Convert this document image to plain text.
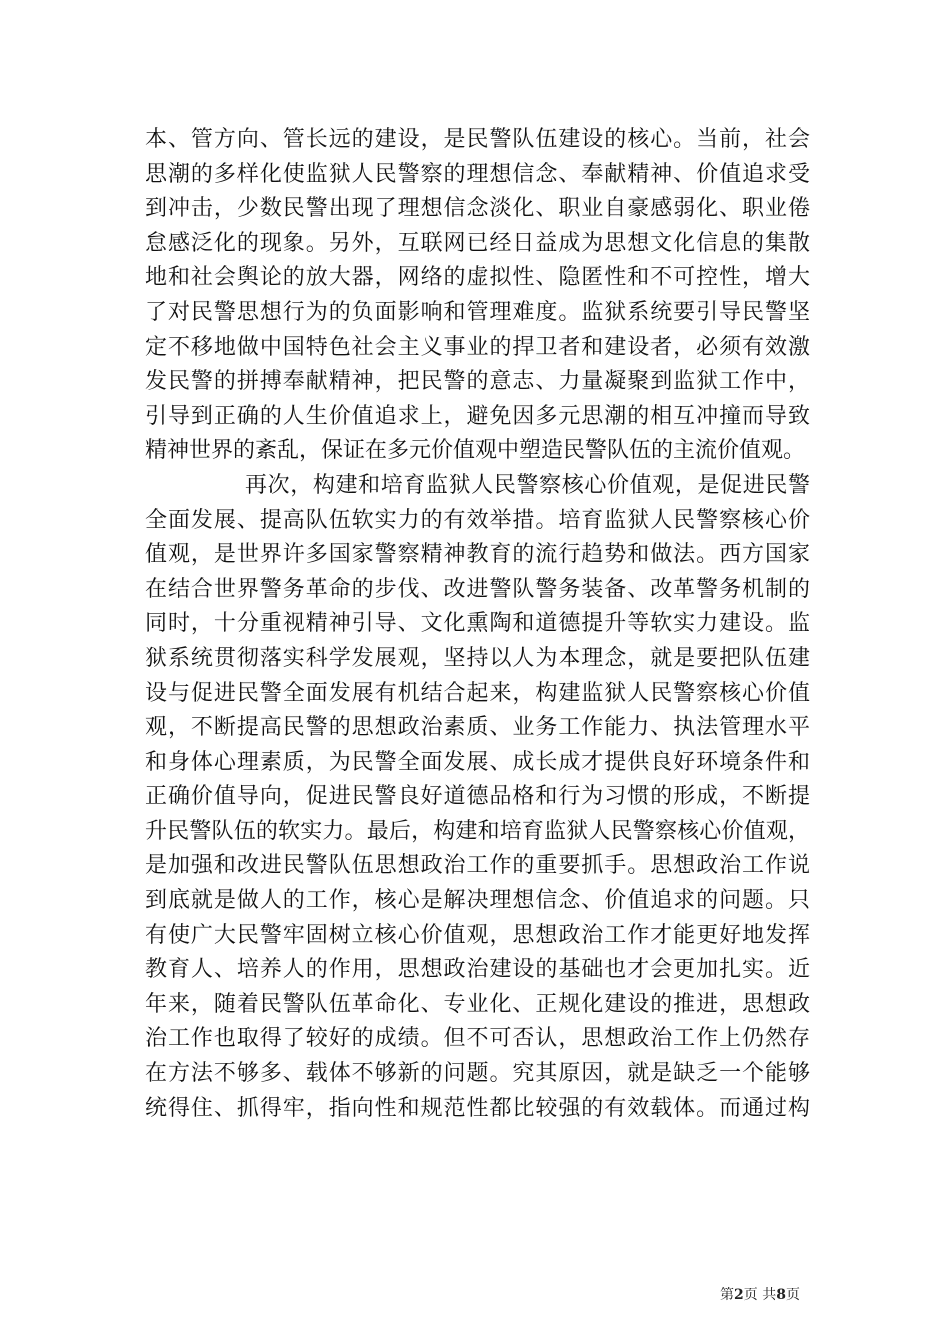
本、管方向、管长远的建设，是民警队伍建设的核心。当前，社会
思潮的多样化使监狱人民警察的理想信念、奉献精神、价值追求受
到冲击，少数民警出现了理想信念淡化、职业自豪感弱化、职业倦
怠感泛化的现象。另外，互联网已经日益成为思想文化信息的集散
地和社会舆论的放大器，网络的虚拟性、隐匿性和不可控性，增大
了对民警思想行为的负面影响和管理难度。监狱系统要引导民警坚
定不移地做中国特色社会主义事业的捍卫者和建设者，必须有效激
发民警的拼搏奉献精神，把民警的意志、力量凝聚到监狱工作中，
引导到正确的人生价值追求上，避免因多元思潮的相互冲撞而导致
精神世界的紊乱，保证在多元价值观中塑造民警队伍的主流价值观。
再次，构建和培育监狱人民警察核心价值观，是促进民警
全面发展、提高队伍软实力的有效举措。培育监狱人民警察核心价
值观，是世界许多国家警察精神教育的流行趋势和做法。西方国家
在结合世界警务革命的步伐、改进警队警务装备、改革警务机制的
同时，十分重视精神引导、文化熏陶和道德提升等软实力建设。监
狱系统贯彻落实科学发展观，坚持以人为本理念，就是要把队伍建
设与促进民警全面发展有机结合起来，构建监狱人民警察核心价值
观，不断提高民警的思想政治素质、业务工作能力、执法管理水平
和身体心理素质，为民警全面发展、成长成才提供良好环境条件和
正确价值导向，促进民警良好道德品格和行为习惯的形成，不断提
升民警队伍的软实力。最后，构建和培育监狱人民警察核心价值观，
是加强和改进民警队伍思想政治工作的重要抓手。思想政治工作说
到底就是做人的工作，核心是解决理想信念、价值追求的问题。只
有使广大民警牢固树立核心价值观，思想政治工作才能更好地发挥
教育人、培养人的作用，思想政治建设的基础也才会更加扎实。近
年来，随着民警队伍革命化、专业化、正规化建设的推进，思想政
治工作也取得了较好的成绩。但不可否认，思想政治工作上仍然存
在方法不够多、载体不够新的问题。究其原因，就是缺乏一个能够
统得住、抓得牢，指向性和规范性都比较强的有效载体。而通过构
第2页 共8页
